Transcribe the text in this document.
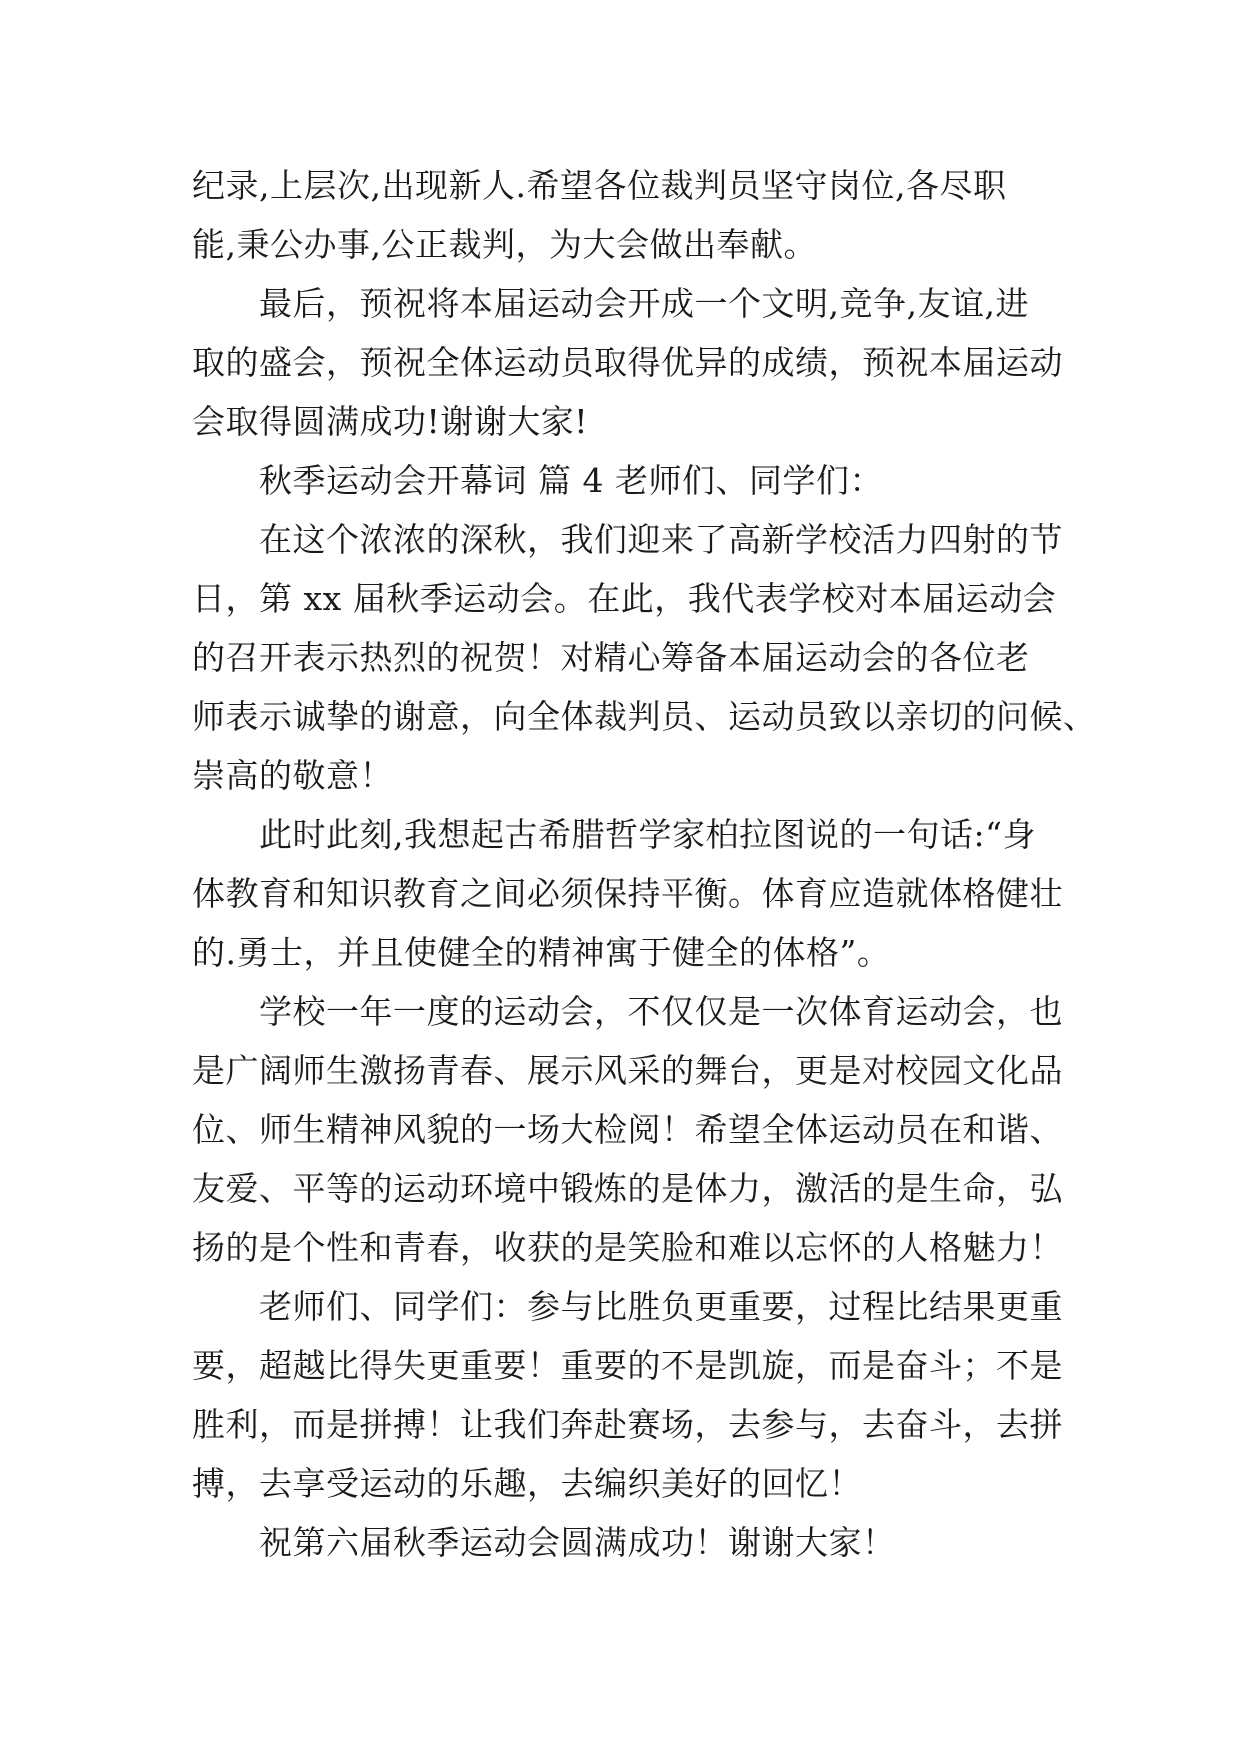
纪录,上层次,出现新人.希望各位裁判员坚守岗位,各尽职
能,秉公办事,公正裁判，为大会做出奉献。
最后，预祝将本届运动会开成一个文明,竞争,友谊,进
取的盛会，预祝全体运动员取得优异的成绩，预祝本届运动
会取得圆满成功!谢谢大家!
秋季运动会开幕词 篇 4 老师们、同学们：
在这个浓浓的深秋，我们迎来了高新学校活力四射的节
日，第 xx 届秋季运动会。在此，我代表学校对本届运动会
的召开表示热烈的祝贺！对精心筹备本届运动会的各位老
师表示诚挚的谢意，向全体裁判员、运动员致以亲切的问候、
崇高的敬意！
此时此刻,我想起古希腊哲学家柏拉图说的一句话:“身
体教育和知识教育之间必须保持平衡。体育应造就体格健壮
的.勇士，并且使健全的精神寓于健全的体格”。
学校一年一度的运动会，不仅仅是一次体育运动会，也
是广阔师生激扬青春、展示风采的舞台，更是对校园文化品
位、师生精神风貌的一场大检阅！希望全体运动员在和谐、
友爱、平等的运动环境中锻炼的是体力，激活的是生命，弘
扬的是个性和青春，收获的是笑脸和难以忘怀的人格魅力！
老师们、同学们：参与比胜负更重要，过程比结果更重
要，超越比得失更重要！重要的不是凯旋，而是奋斗；不是
胜利，而是拼搏！让我们奔赴赛场，去参与，去奋斗，去拼
搏，去享受运动的乐趣，去编织美好的回忆！
祝第六届秋季运动会圆满成功！谢谢大家！
